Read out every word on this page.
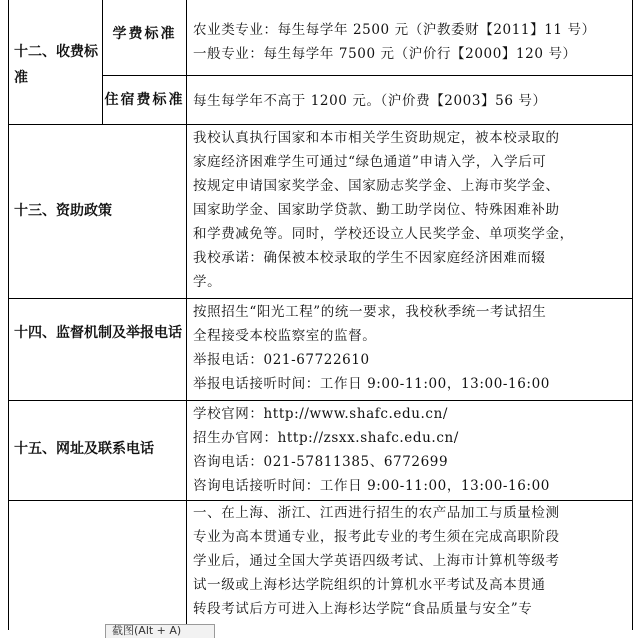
十二、收费标准
学费标准
住宿费标准
农业类专业：每生每学年 2500 元（沪教委财【2011】11 号）
一般专业：每生每学年 7500 元（沪价行【2000】120 号）
每生每学年不高于 1200 元。（沪价费【2003】56 号）
十三、资助政策
我校认真执行国家和本市相关学生资助规定，被本校录取的
家庭经济困难学生可通过“绿色通道”申请入学，入学后可
按规定申请国家奖学金、国家励志奖学金、上海市奖学金、
国家助学金、国家助学贷款、勤工助学岗位、特殊困难补助
和学费减免等。同时，学校还设立人民奖学金、单项奖学金，
我校承诺：确保被本校录取的学生不因家庭经济困难而辍
学。
十四、监督机制及举报电话
按照招生“阳光工程”的统一要求，我校秋季统一考试招生
全程接受本校监察室的监督。
举报电话：021-67722610
举报电话接听时间：工作日 9:00-11:00，13:00-16:00
十五、网址及联系电话
学校官网：http://www.shafc.edu.cn/
招生办官网：http://zsxx.shafc.edu.cn/
咨询电话：021-57811385、6772699
咨询电话接听时间：工作日 9:00-11:00，13:00-16:00
一、在上海、浙江、江西进行招生的农产品加工与质量检测
专业为高本贯通专业，报考此专业的考生须在完成高职阶段
学业后，通过全国大学英语四级考试、上海市计算机等级考
试一级或上海杉达学院组织的计算机水平考试及高本贯通
转段考试后方可进入上海杉达学院“食品质量与安全”专
截图(Alt + A)
